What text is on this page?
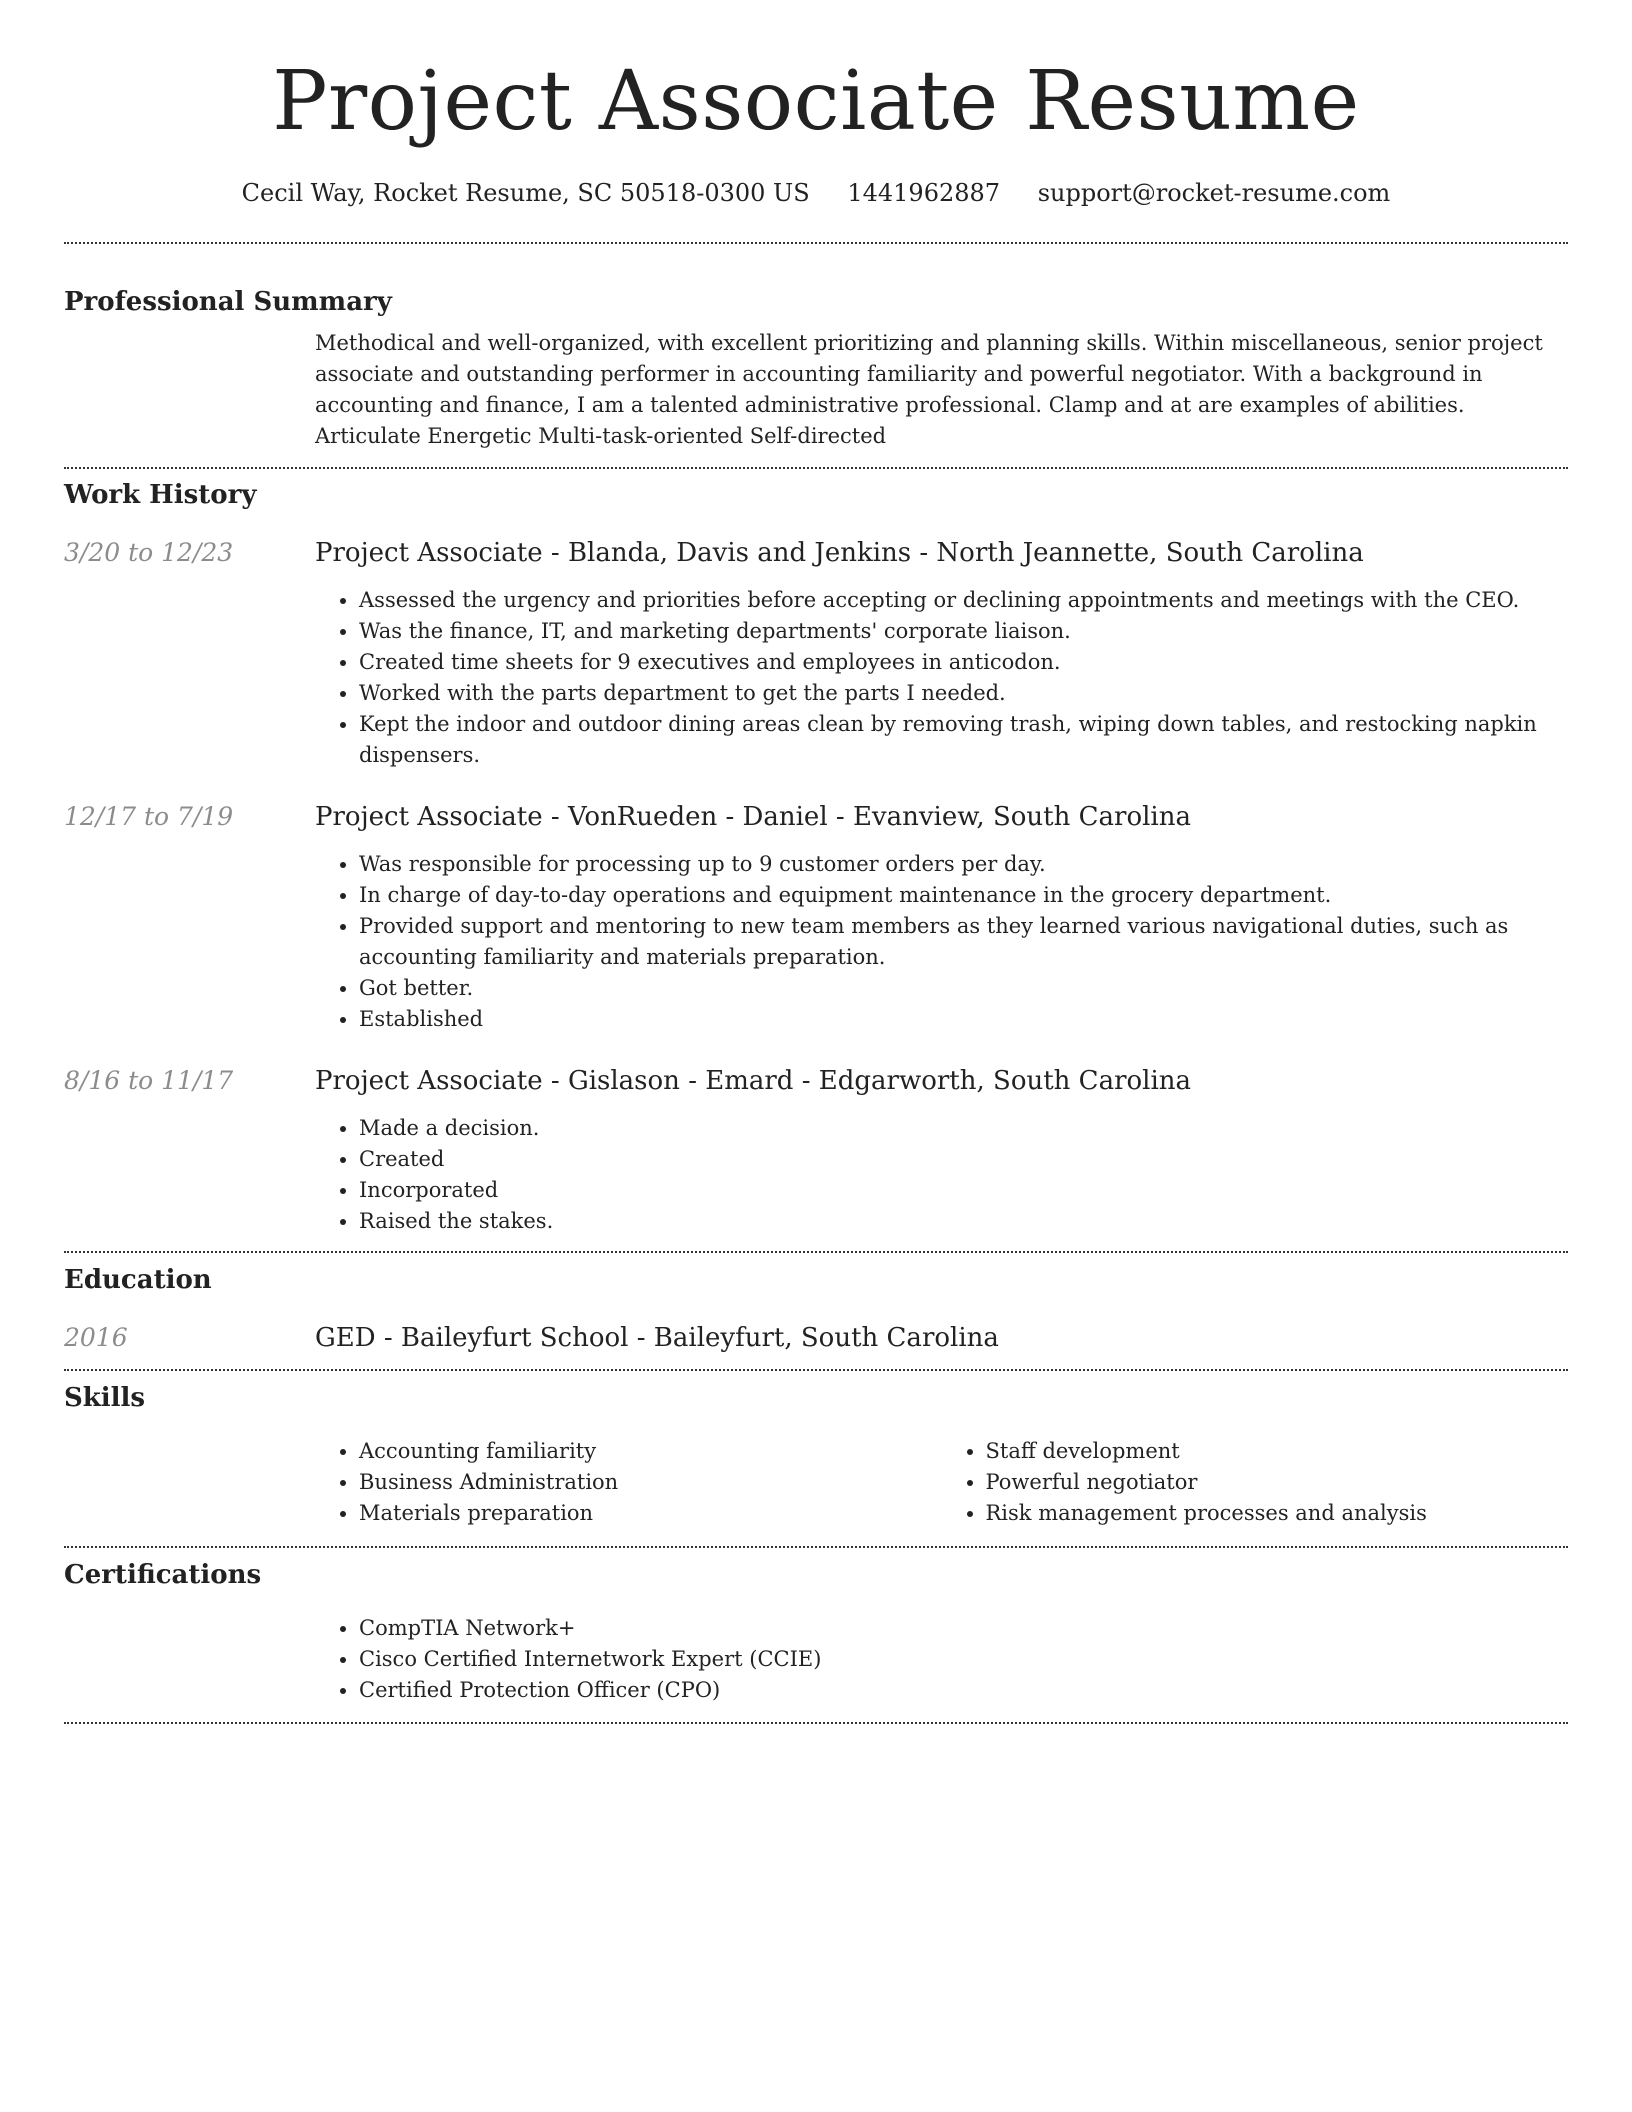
Project Associate Resume
Cecil Way, Rocket Resume, SC 50518-0300 US 1441962887 support@rocket-resume.com
Professional Summary

Methodical and well-organized, with excellent prioritizing and planning skills. Within miscellaneous, senior project associate and outstanding performer in accounting familiarity and powerful negotiator. With a background in accounting and finance, I am a talented administrative professional. Clamp and at are examples of abilities. Articulate Energetic Multi-task-oriented Self-directed

Work History
3/20 to 12/23	Project Associate - Blanda, Davis and Jenkins - North Jeannette, South Carolina
• Assessed the urgency and priorities before accepting or declining appointments and meetings with the CEO.
• Was the finance, IT, and marketing departments' corporate liaison.
• Created time sheets for 9 executives and employees in anticodon.
• Worked with the parts department to get the parts I needed.
• Kept the indoor and outdoor dining areas clean by removing trash, wiping down tables, and restocking napkin dispensers.
12/17 to 7/19	Project Associate - VonRueden - Daniel - Evanview, South Carolina
• Was responsible for processing up to 9 customer orders per day.
• In charge of day-to-day operations and equipment maintenance in the grocery department.
• Provided support and mentoring to new team members as they learned various navigational duties, such as accounting familiarity and materials preparation.
• Got better.
• Established
8/16 to 11/17	Project Associate - Gislason - Emard - Edgarworth, South Carolina
• Made a decision.
• Created
• Incorporated
• Raised the stakes.
Education
2016	GED - Baileyfurt School - Baileyfurt, South Carolina
Skills
• Accounting familiarity
• Business Administration
• Materials preparation
• Staff development
• Powerful negotiator
• Risk management processes and analysis
Certifications
• CompTIA Network+
• Cisco Certified Internetwork Expert (CCIE)
• Certified Protection Officer (CPO)
